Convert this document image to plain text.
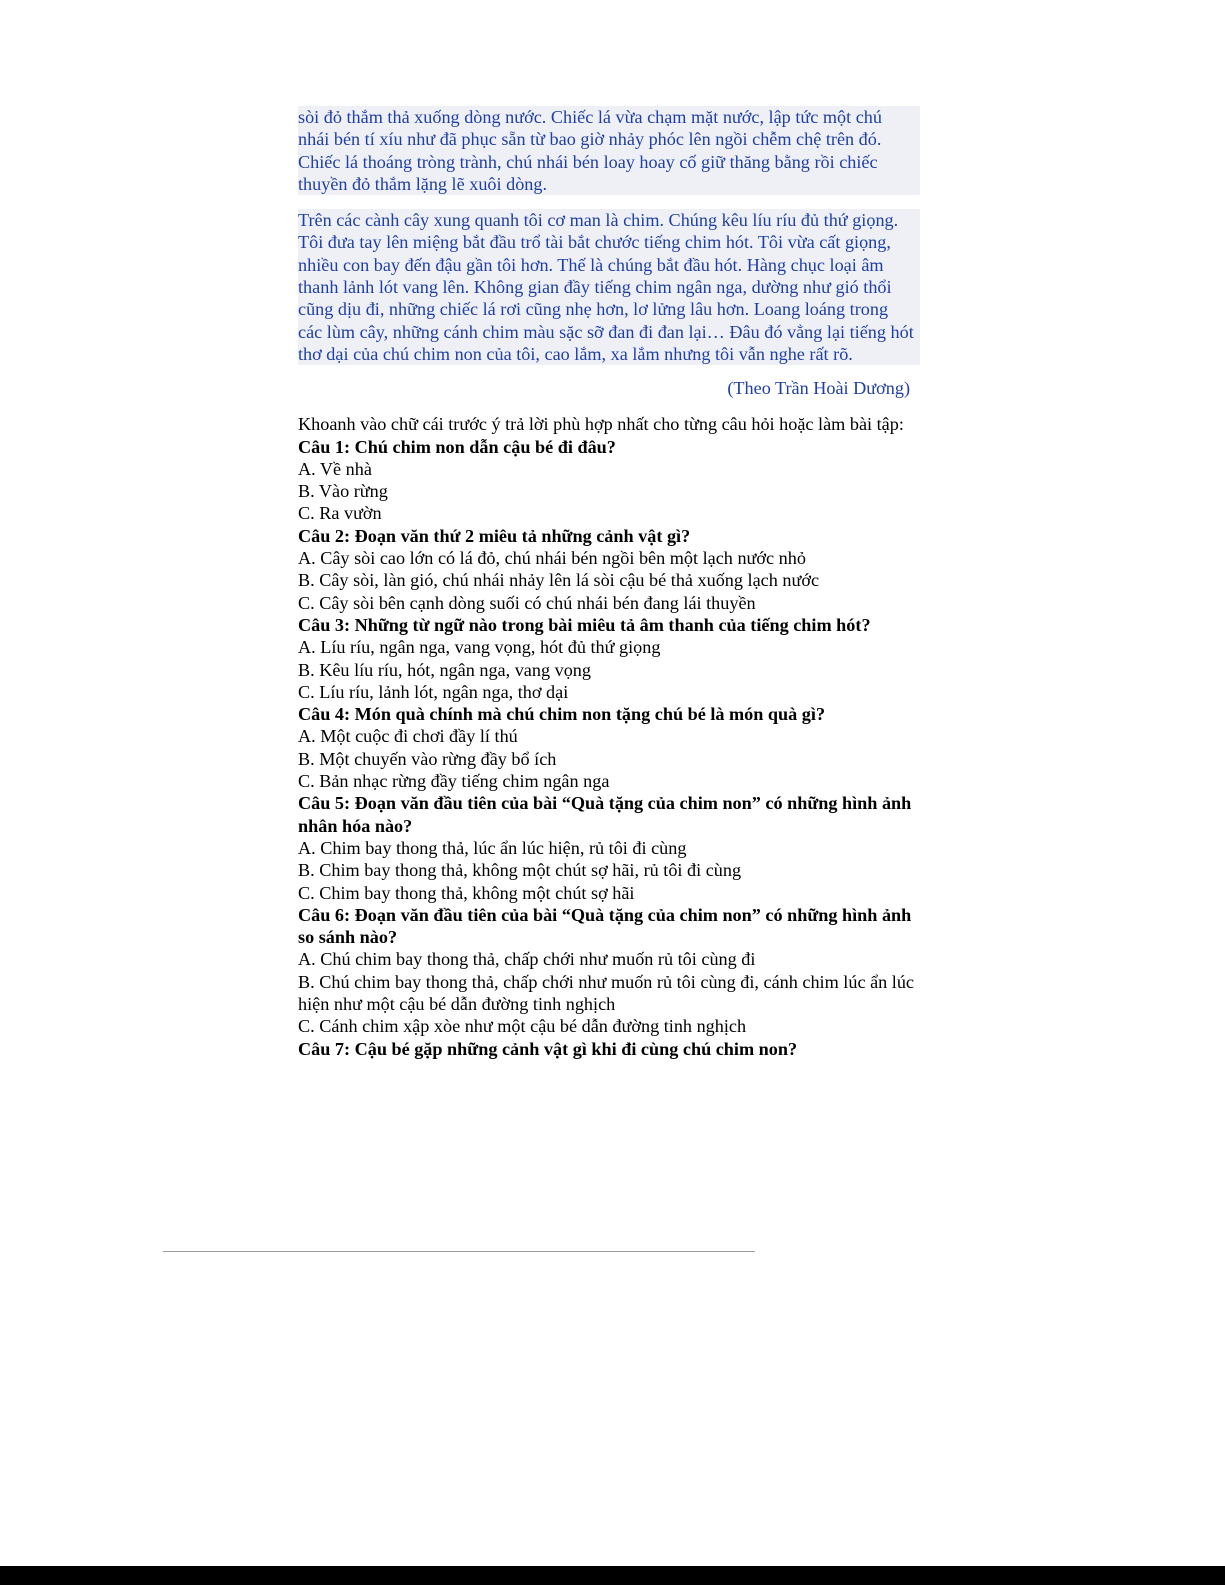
sòi đỏ thắm thả xuống dòng nước. Chiếc lá vừa chạm mặt nước, lập tức một chú nhái bén tí xíu như đã phục sẵn từ bao giờ nhảy phóc lên ngồi chễm chệ trên đó. Chiếc lá thoáng tròng trành, chú nhái bén loay hoay cố giữ thăng bằng rồi chiếc thuyền đỏ thắm lặng lẽ xuôi dòng.

Trên các cành cây xung quanh tôi cơ man là chim. Chúng kêu líu ríu đủ thứ giọng. Tôi đưa tay lên miệng bắt đầu trổ tài bắt chước tiếng chim hót. Tôi vừa cất giọng, nhiều con bay đến đậu gần tôi hơn. Thế là chúng bắt đầu hót. Hàng chục loại âm thanh lảnh lót vang lên. Không gian đầy tiếng chim ngân nga, dường như gió thổi cũng dịu đi, những chiếc lá rơi cũng nhẹ hơn, lơ lửng lâu hơn. Loang loáng trong các lùm cây, những cánh chim màu sặc sỡ đan đi đan lại… Đâu đó vẳng lại tiếng hót thơ dại của chú chim non của tôi, cao lắm, xa lắm nhưng tôi vẫn nghe rất rõ.

(Theo Trần Hoài Dương)

Khoanh vào chữ cái trước ý trả lời phù hợp nhất cho từng câu hỏi hoặc làm bài tập:

Câu 1: Chú chim non dẫn cậu bé đi đâu?

A. Về nhà

B. Vào rừng

C. Ra vườn

Câu 2: Đoạn văn thứ 2 miêu tả những cảnh vật gì?

A. Cây sòi cao lớn có lá đỏ, chú nhái bén ngồi bên một lạch nước nhỏ

B. Cây sòi, làn gió, chú nhái nhảy lên lá sòi cậu bé thả xuống lạch nước

C. Cây sòi bên cạnh dòng suối có chú nhái bén đang lái thuyền

Câu 3: Những từ ngữ nào trong bài miêu tả âm thanh của tiếng chim hót?

A. Líu ríu, ngân nga, vang vọng, hót đủ thứ giọng

B. Kêu líu ríu, hót, ngân nga, vang vọng

C. Líu ríu, lảnh lót, ngân nga, thơ dại

Câu 4: Món quà chính mà chú chim non tặng chú bé là món quà gì?

A. Một cuộc đi chơi đầy lí thú

B. Một chuyến vào rừng đầy bổ ích

C. Bản nhạc rừng đầy tiếng chim ngân nga

Câu 5: Đoạn văn đầu tiên của bài “Quà tặng của chim non” có những hình ảnh nhân hóa nào?

A. Chim bay thong thả, lúc ẩn lúc hiện, rủ tôi đi cùng

B. Chim bay thong thả, không một chút sợ hãi, rủ tôi đi cùng

C. Chim bay thong thả, không một chút sợ hãi

Câu 6: Đoạn văn đầu tiên của bài “Quà tặng của chim non” có những hình ảnh so sánh nào?

A. Chú chim bay thong thả, chấp chới như muốn rủ tôi cùng đi

B. Chú chim bay thong thả, chấp chới như muốn rủ tôi cùng đi, cánh chim lúc ẩn lúc hiện như một cậu bé dẫn đường tinh nghịch

C. Cánh chim xập xòe như một cậu bé dẫn đường tinh nghịch

Câu 7: Cậu bé gặp những cảnh vật gì khi đi cùng chú chim non?
